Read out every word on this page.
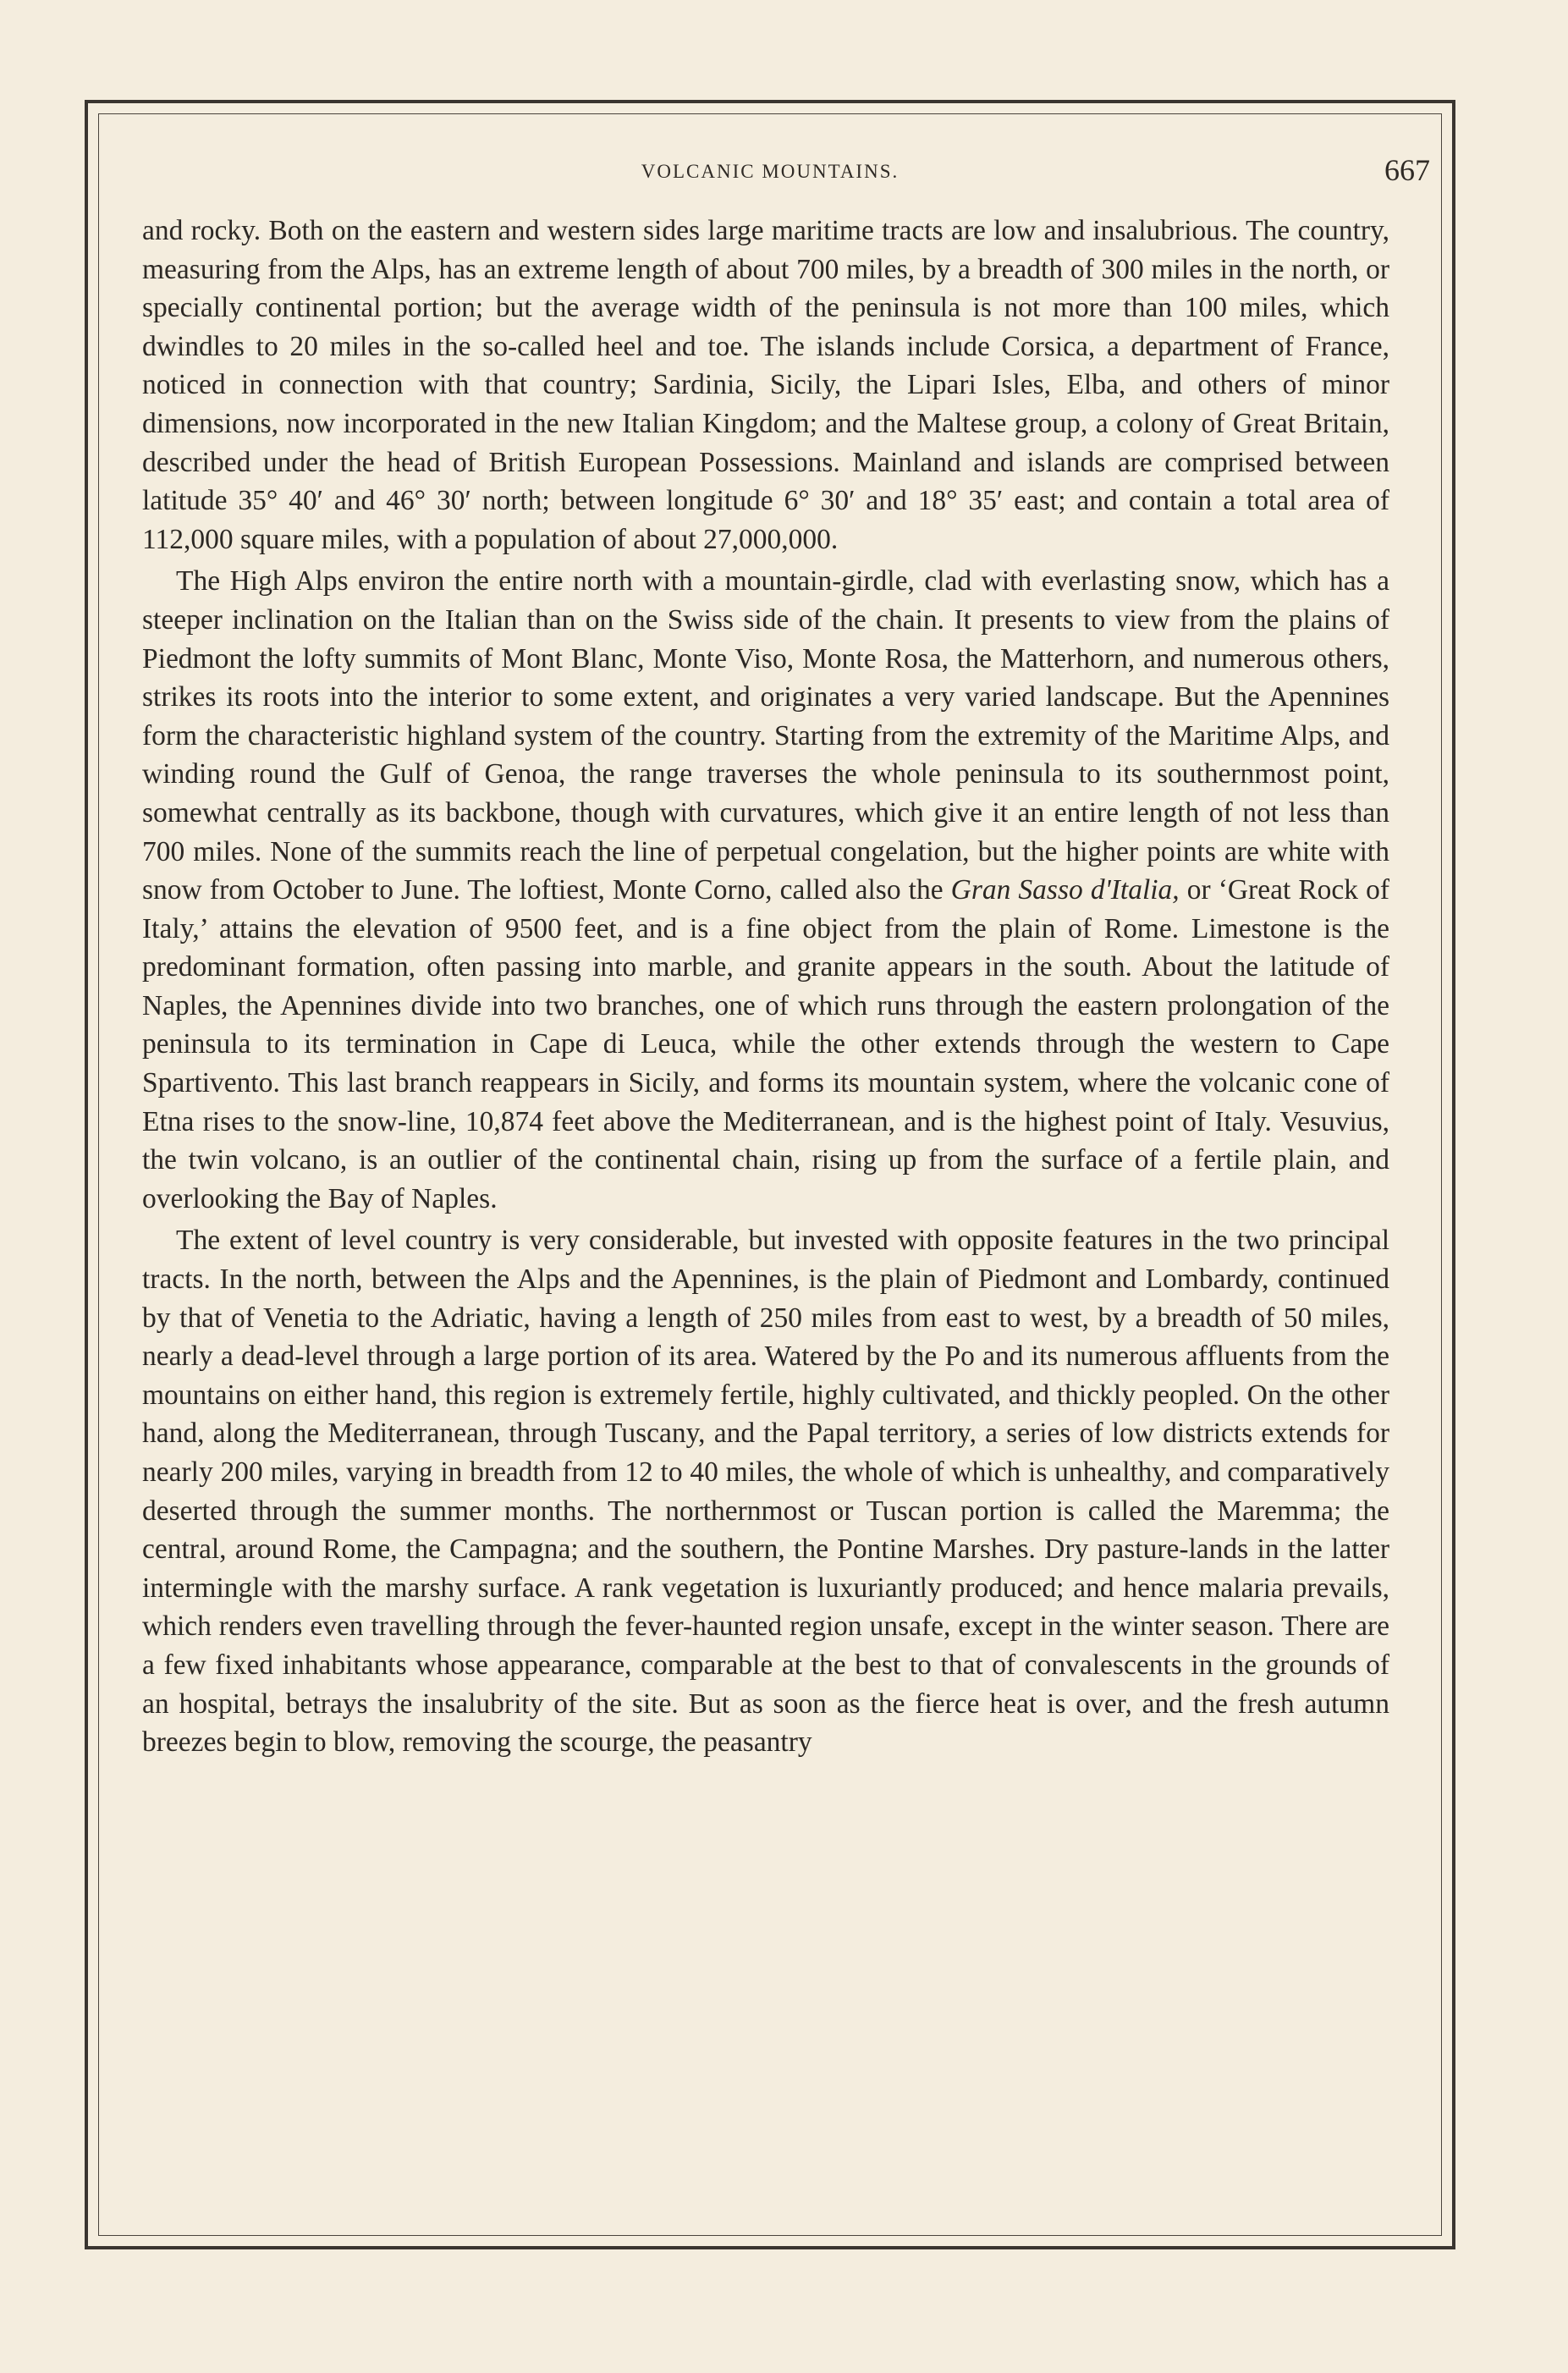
VOLCANIC MOUNTAINS.	667

and rocky. Both on the eastern and western sides large maritime tracts are low and insalubrious. The country, measuring from the Alps, has an extreme length of about 700 miles, by a breadth of 300 miles in the north, or specially continental portion; but the average width of the peninsula is not more than 100 miles, which dwindles to 20 miles in the so-called heel and toe. The islands include Corsica, a department of France, noticed in connection with that country; Sardinia, Sicily, the Lipari Isles, Elba, and others of minor dimensions, now incorporated in the new Italian Kingdom; and the Maltese group, a colony of Great Britain, described under the head of British European Possessions. Mainland and islands are comprised between latitude 35° 40′ and 46° 30′ north; between longitude 6° 30′ and 18° 35′ east; and contain a total area of 112,000 square miles, with a population of about 27,000,000.

The High Alps environ the entire north with a mountain-girdle, clad with everlasting snow, which has a steeper inclination on the Italian than on the Swiss side of the chain. It presents to view from the plains of Piedmont the lofty summits of Mont Blanc, Monte Viso, Monte Rosa, the Matterhorn, and numerous others, strikes its roots into the interior to some extent, and originates a very varied landscape. But the Apennines form the characteristic highland system of the country. Starting from the extremity of the Maritime Alps, and winding round the Gulf of Genoa, the range traverses the whole peninsula to its southernmost point, somewhat centrally as its backbone, though with curvatures, which give it an entire length of not less than 700 miles. None of the summits reach the line of perpetual congelation, but the higher points are white with snow from October to June. The loftiest, Monte Corno, called also the Gran Sasso d'Italia, or ‘Great Rock of Italy,’ attains the elevation of 9500 feet, and is a fine object from the plain of Rome. Limestone is the predominant formation, often passing into marble, and granite appears in the south. About the latitude of Naples, the Apennines divide into two branches, one of which runs through the eastern prolongation of the peninsula to its termination in Cape di Leuca, while the other extends through the western to Cape Spartivento. This last branch reappears in Sicily, and forms its mountain system, where the volcanic cone of Etna rises to the snow-line, 10,874 feet above the Mediterranean, and is the highest point of Italy. Vesuvius, the twin volcano, is an outlier of the continental chain, rising up from the surface of a fertile plain, and overlooking the Bay of Naples.

The extent of level country is very considerable, but invested with opposite features in the two principal tracts. In the north, between the Alps and the Apennines, is the plain of Piedmont and Lombardy, continued by that of Venetia to the Adriatic, having a length of 250 miles from east to west, by a breadth of 50 miles, nearly a dead-level through a large portion of its area. Watered by the Po and its numerous affluents from the mountains on either hand, this region is extremely fertile, highly cultivated, and thickly peopled. On the other hand, along the Mediterranean, through Tuscany, and the Papal territory, a series of low districts extends for nearly 200 miles, varying in breadth from 12 to 40 miles, the whole of which is unhealthy, and comparatively deserted through the summer months. The northernmost or Tuscan portion is called the Maremma; the central, around Rome, the Campagna; and the southern, the Pontine Marshes. Dry pasture-lands in the latter intermingle with the marshy surface. A rank vegetation is luxuriantly produced; and hence malaria prevails, which renders even travelling through the fever-haunted region unsafe, except in the winter season. There are a few fixed inhabitants whose appearance, comparable at the best to that of convalescents in the grounds of an hospital, betrays the insalubrity of the site. But as soon as the fierce heat is over, and the fresh autumn breezes begin to blow, removing the scourge, the peasantry
